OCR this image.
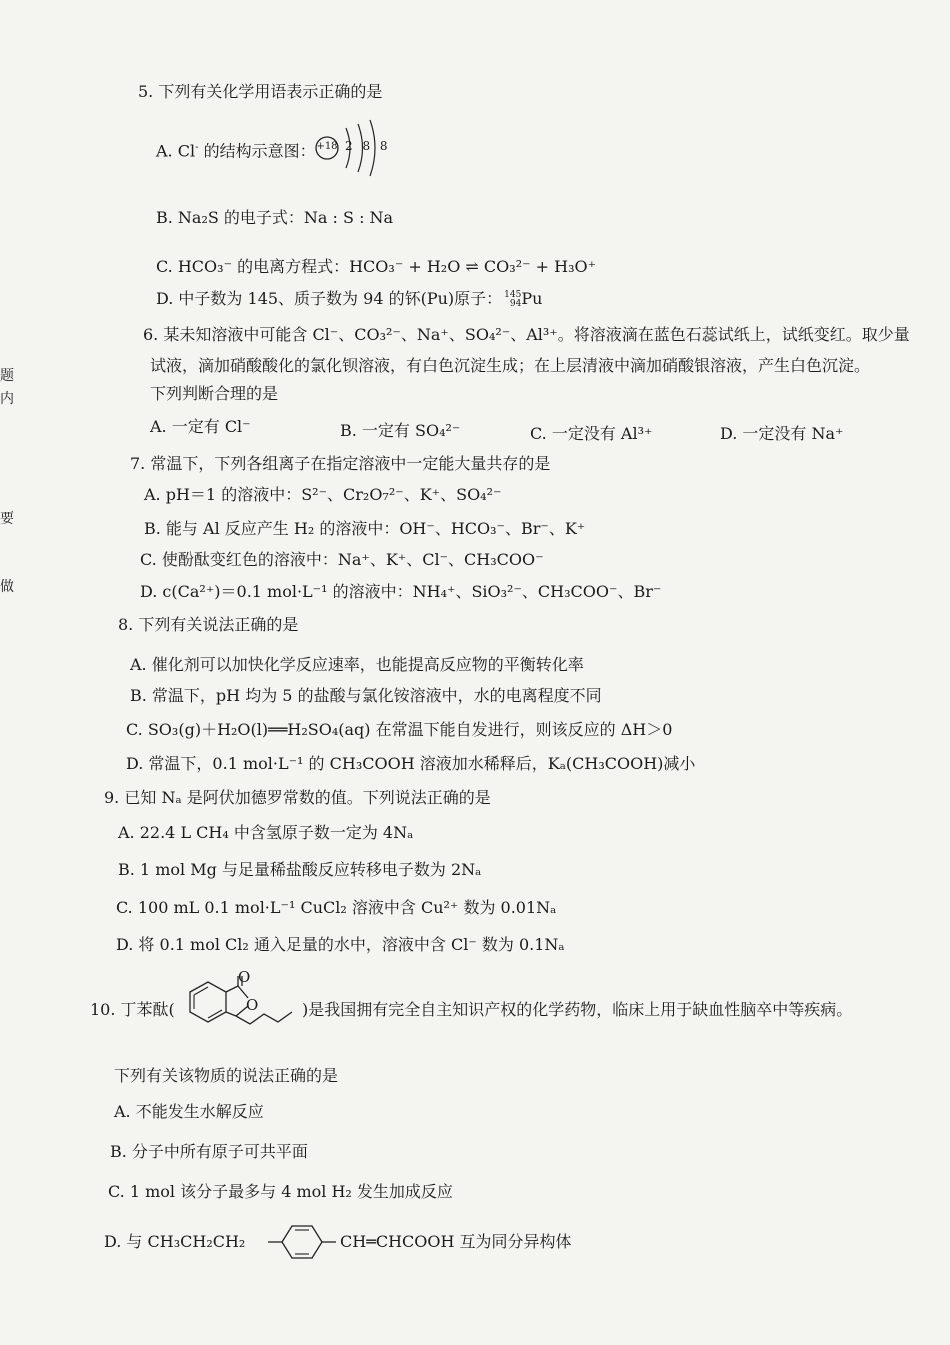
题
内
要
做
5. 下列有关化学用语表示正确的是
A. Cl- 的结构示意图： +18 2 8 8
B. Na₂S 的电子式：Na : S : Na
C. HCO₃⁻ 的电离方程式：HCO₃⁻ + H₂O ⇌ CO₃²⁻ + H₃O⁺
D. 中子数为 145、质子数为 94 的钚(Pu)原子： 145
94Pu
6. 某未知溶液中可能含 Cl⁻、CO₃²⁻、Na⁺、SO₄²⁻、Al³⁺。将溶液滴在蓝色石蕊试纸上，试纸变红。取少量
试液，滴加硝酸酸化的氯化钡溶液，有白色沉淀生成；在上层清液中滴加硝酸银溶液，产生白色沉淀。
下列判断合理的是
A. 一定有 Cl⁻	B. 一定有 SO₄²⁻	C. 一定没有 Al³⁺	D. 一定没有 Na⁺
7. 常温下，下列各组离子在指定溶液中一定能大量共存的是
A. pH＝1 的溶液中：S²⁻、Cr₂O₇²⁻、K⁺、SO₄²⁻
B. 能与 Al 反应产生 H₂ 的溶液中：OH⁻、HCO₃⁻、Br⁻、K⁺
C. 使酚酞变红色的溶液中：Na⁺、K⁺、Cl⁻、CH₃COO⁻
D. c(Ca²⁺)＝0.1 mol·L⁻¹ 的溶液中：NH₄⁺、SiO₃²⁻、CH₃COO⁻、Br⁻
8. 下列有关说法正确的是
A. 催化剂可以加快化学反应速率，也能提高反应物的平衡转化率
B. 常温下，pH 均为 5 的盐酸与氯化铵溶液中，水的电离程度不同
C. SO₃(g)＋H₂O(l)══H₂SO₄(aq) 在常温下能自发进行，则该反应的 ΔH＞0
D. 常温下，0.1 mol·L⁻¹ 的 CH₃COOH 溶液加水稀释后，Kₐ(CH₃COOH)减小
9. 已知 Nₐ 是阿伏加德罗常数的值。下列说法正确的是
A. 22.4 L CH₄ 中含氢原子数一定为 4Nₐ
B. 1 mol Mg 与足量稀盐酸反应转移电子数为 2Nₐ
C. 100 mL 0.1 mol·L⁻¹ CuCl₂ 溶液中含 Cu²⁺ 数为 0.01Nₐ
D. 将 0.1 mol Cl₂ 通入足量的水中，溶液中含 Cl⁻ 数为 0.1Nₐ
10. 丁苯酞(
O
O	)是我国拥有完全自主知识产权的化学药物，临床上用于缺血性脑卒中等疾病。
下列有关该物质的说法正确的是
A. 不能发生水解反应
B. 分子中所有原子可共平面
C. 1 mol 该分子最多与 4 mol H₂ 发生加成反应
D. 与 CH₃CH₂CH₂	CH═CHCOOH 互为同分异构体
